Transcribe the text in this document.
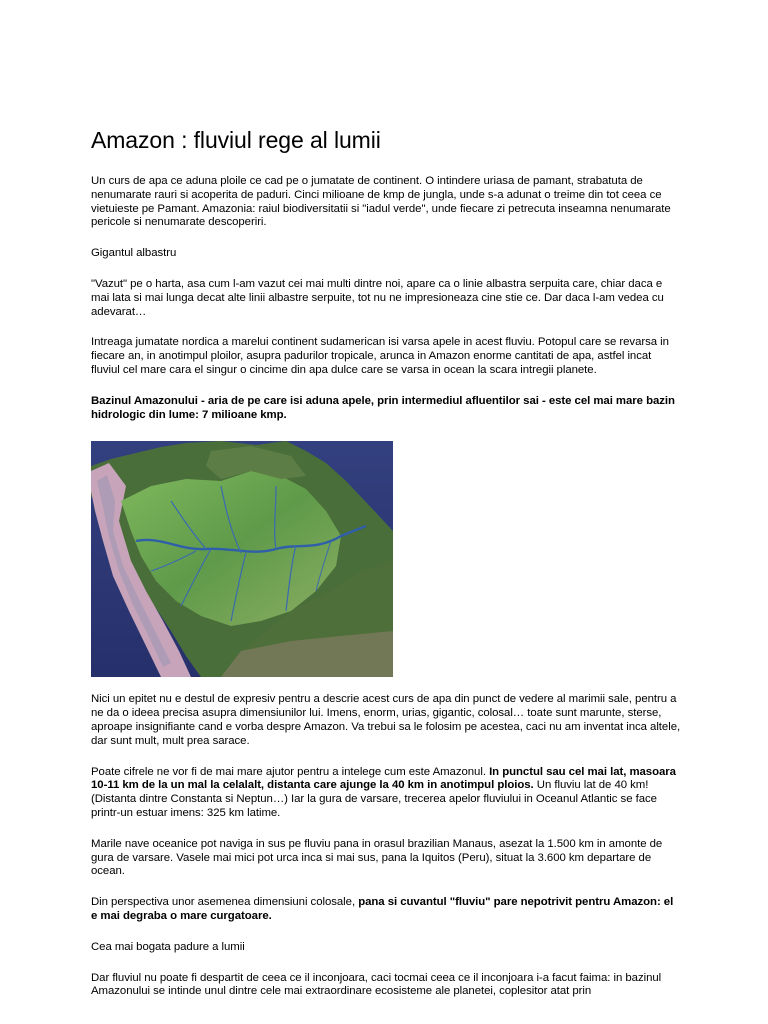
Amazon : fluviul rege al lumii

Un curs de apa ce aduna ploile ce cad pe o jumatate de continent. O intindere uriasa de pamant, strabatuta de nenumarate rauri si acoperita de paduri. Cinci milioane de kmp de jungla, unde s-a adunat o treime din tot ceea ce vietuieste pe Pamant. Amazonia: raiul biodiversitatii si "iadul verde", unde fiecare zi petrecuta inseamna nenumarate pericole si nenumarate descoperiri.

Gigantul albastru

"Vazut" pe o harta, asa cum l-am vazut cei mai multi dintre noi, apare ca o linie albastra serpuita care, chiar daca e mai lata si mai lunga decat alte linii albastre serpuite, tot nu ne impresioneaza cine stie ce. Dar daca l-am vedea cu adevarat…

Intreaga jumatate nordica a marelui continent sudamerican isi varsa apele in acest fluviu. Potopul care se revarsa in fiecare an, in anotimpul ploilor, asupra padurilor tropicale, arunca in Amazon enorme cantitati de apa, astfel incat fluviul cel mare cara el singur o cincime din apa dulce care se varsa in ocean la scara intregii planete.

Bazinul Amazonului - aria de pe care isi aduna apele, prin intermediul afluentilor sai - este cel mai mare bazin hidrologic din lume: 7 milioane kmp.

Nici un epitet nu e destul de expresiv pentru a descrie acest curs de apa din punct de vedere al marimii sale, pentru a ne da o ideea precisa asupra dimensiunilor lui. Imens, enorm, urias, gigantic, colosal… toate sunt marunte, sterse, aproape insignifiante cand e vorba despre Amazon. Va trebui sa le folosim pe acestea, caci nu am inventat inca altele, dar sunt mult, mult prea sarace.

Poate cifrele ne vor fi de mai mare ajutor pentru a intelege cum este Amazonul. In punctul sau cel mai lat, masoara 10-11 km de la un mal la celalalt, distanta care ajunge la 40 km in anotimpul ploios. Un fluviu lat de 40 km! (Distanta dintre Constanta si Neptun…) Iar la gura de varsare, trecerea apelor fluviului in Oceanul Atlantic se face printr-un estuar imens: 325 km latime.

Marile nave oceanice pot naviga in sus pe fluviu pana in orasul brazilian Manaus, asezat la 1.500 km in amonte de gura de varsare. Vasele mai mici pot urca inca si mai sus, pana la Iquitos (Peru), situat la 3.600 km departare de ocean.

Din perspectiva unor asemenea dimensiuni colosale, pana si cuvantul "fluviu" pare nepotrivit pentru Amazon: el e mai degraba o mare curgatoare.

Cea mai bogata padure a lumii

Dar fluviul nu poate fi despartit de ceea ce il inconjoara, caci tocmai ceea ce il inconjoara i-a facut faima: in bazinul Amazonului se intinde unul dintre cele mai extraordinare ecosisteme ale planetei, coplesitor atat prin
